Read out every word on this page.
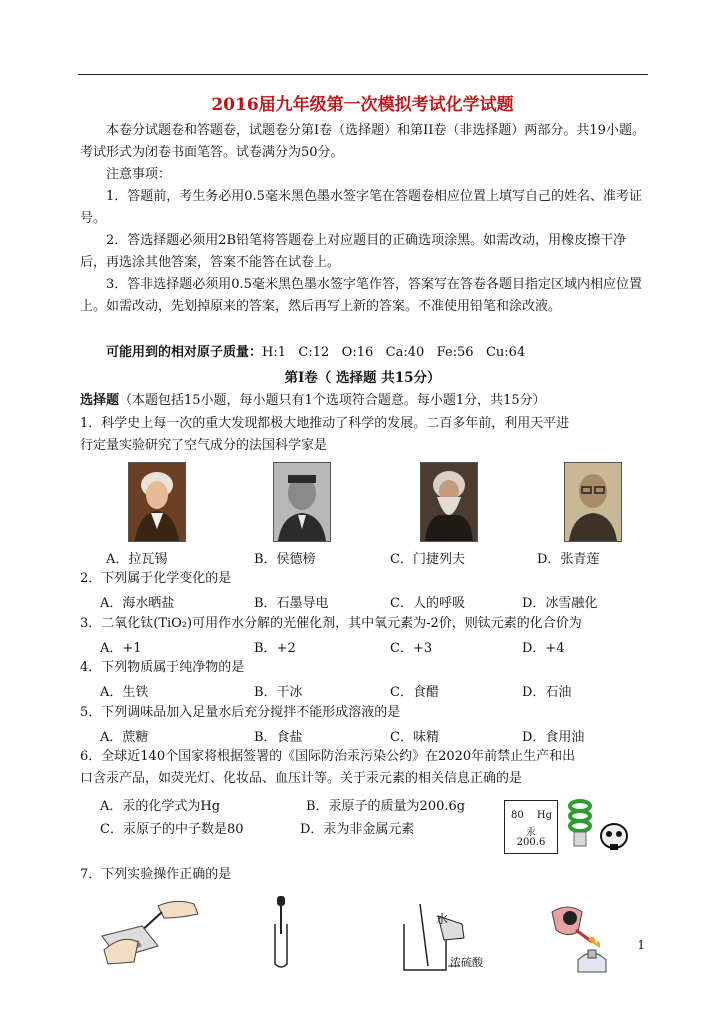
2016届九年级第一次模拟考试化学试题
本卷分试题卷和答题卷，试题卷分第Ⅰ卷（选择题）和第II卷（非选择题）两部分。共19小题。考试形式为闭卷书面笔答。试卷满分为50分。
注意事项：
1．答题前，考生务必用0.5毫米黑色墨水签字笔在答题卷相应位置上填写自己的姓名、准考证号。
2．答选择题必须用2B铅笔将答题卷上对应题目的正确选项涂黑。如需改动，用橡皮擦干净后，再选涂其他答案，答案不能答在试卷上。
3．答非选择题必须用0.5毫米黑色墨水签字笔作答，答案写在答卷各题目指定区域内相应位置上。如需改动，先划掉原来的答案，然后再写上新的答案。不准使用铅笔和涂改液。
可能用到的相对原子质量：H:1   C:12   O:16   Ca:40   Fe:56   Cu:64
第Ⅰ卷（ 选择题 共15分）
选择题（本题包括15小题，每小题只有1个选项符合题意。每小题1分，共15分）
1．科学史上每一次的重大发现都极大地推动了科学的发展。二百多年前，利用天平进
行定量实验研究了空气成分的法国科学家是
A．拉瓦锡	B．侯德榜	C．门捷列夫	D．张青莲
2．下列属于化学变化的是
A．海水晒盐	B．石墨导电	C．人的呼吸	D．冰雪融化
3．二氧化钛(TiO₂)可用作水分解的光催化剂，其中氧元素为-2价，则钛元素的化合价为
A．+1	B．+2	C．+3	D．+4
4．下列物质属于纯净物的是
A．生铁	B．干冰	C．食醋	D．石油
5．下列调味品加入足量水后充分搅拌不能形成溶液的是
A．蔗糖	B．食盐	C．味精	D．食用油
6．全球近140个国家将根据签署的《国际防治汞污染公约》在2020年前禁止生产和出
口含汞产品，如荧光灯、化妆品、血压计等。关于汞元素的相关信息正确的是
A．汞的化学式为Hg	B．汞原子的质量为200.6g
C．汞原子的中子数是80	D．汞为非金属元素
80 Hg
汞
200.6
7．下列实验操作正确的是
水
浓硫酸
1
